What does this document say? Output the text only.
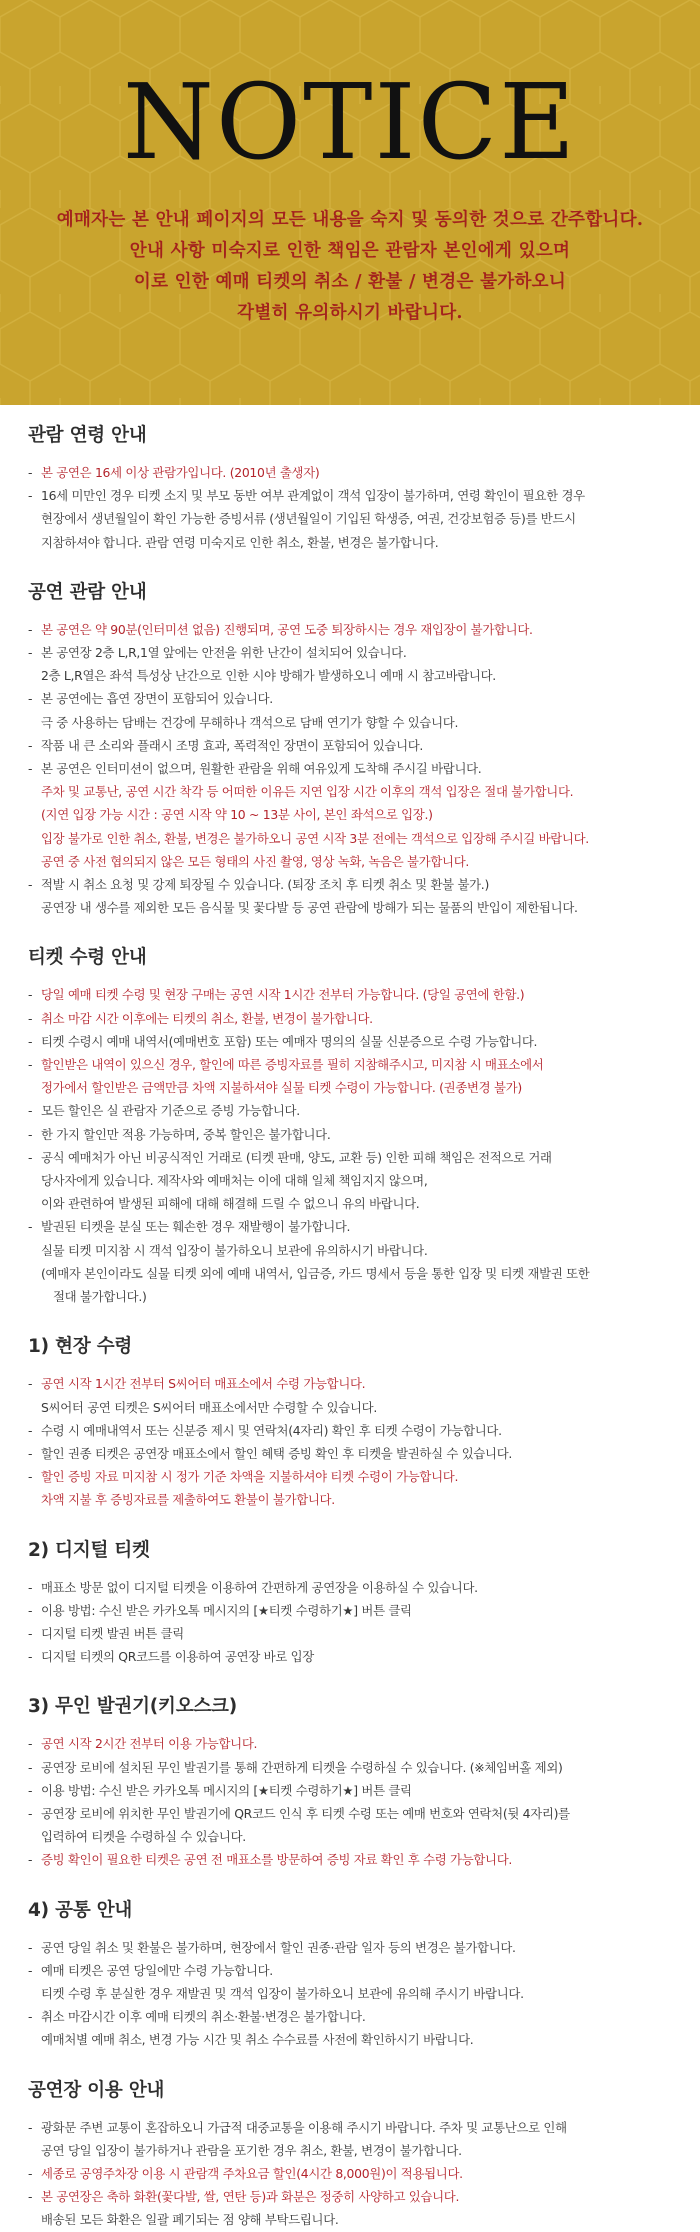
NOTICE

예매자는 본 안내 페이지의 모든 내용을 숙지 및 동의한 것으로 간주합니다.

안내 사항 미숙지로 인한 책임은 관람자 본인에게 있으며

이로 인한 예매 티켓의 취소 / 환불 / 변경은 불가하오니

각별히 유의하시기 바랍니다.

관람 연령 안내
- 본 공연은 16세 이상 관람가입니다. (2010년 출생자)
- 16세 미만인 경우 티켓 소지 및 부모 동반 여부 관계없이 객석 입장이 불가하며, 연령 확인이 필요한 경우
현장에서 생년월일이 확인 가능한 증빙서류 (생년월일이 기입된 학생증, 여권, 건강보험증 등)를 반드시
지참하셔야 합니다. 관람 연령 미숙지로 인한 취소, 환불, 변경은 불가합니다.
공연 관람 안내
- 본 공연은 약 90분(인터미션 없음) 진행되며, 공연 도중 퇴장하시는 경우 재입장이 불가합니다.
- 본 공연장 2층 L,R,1열 앞에는 안전을 위한 난간이 설치되어 있습니다.
2층 L,R열은 좌석 특성상 난간으로 인한 시야 방해가 발생하오니 예매 시 참고바랍니다.
- 본 공연에는 흡연 장면이 포함되어 있습니다.
극 중 사용하는 담배는 건강에 무해하나 객석으로 담배 연기가 향할 수 있습니다.
- 작품 내 큰 소리와 플래시 조명 효과, 폭력적인 장면이 포함되어 있습니다.
- 본 공연은 인터미션이 없으며, 원활한 관람을 위해 여유있게 도착해 주시길 바랍니다.
주차 및 교통난, 공연 시간 착각 등 어떠한 이유든 지연 입장 시간 이후의 객석 입장은 절대 불가합니다.
(지연 입장 가능 시간 : 공연 시작 약 10 ~ 13분 사이, 본인 좌석으로 입장.)
입장 불가로 인한 취소, 환불, 변경은 불가하오니 공연 시작 3분 전에는 객석으로 입장해 주시길 바랍니다.
공연 중 사전 협의되지 않은 모든 형태의 사진 촬영, 영상 녹화, 녹음은 불가합니다.
- 적발 시 취소 요청 및 강제 퇴장될 수 있습니다. (퇴장 조치 후 티켓 취소 및 환불 불가.)
공연장 내 생수를 제외한 모든 음식물 및 꽃다발 등 공연 관람에 방해가 되는 물품의 반입이 제한됩니다.
티켓 수령 안내
- 당일 예매 티켓 수령 및 현장 구매는 공연 시작 1시간 전부터 가능합니다. (당일 공연에 한함.)
- 취소 마감 시간 이후에는 티켓의 취소, 환불, 변경이 불가합니다.
- 티켓 수령시 예매 내역서(예매번호 포함) 또는 예매자 명의의 실물 신분증으로 수령 가능합니다.
- 할인받은 내역이 있으신 경우, 할인에 따른 증빙자료를 필히 지참해주시고, 미지참 시 매표소에서
정가에서 할인받은 금액만큼 차액 지불하셔야 실물 티켓 수령이 가능합니다. (권종변경 불가)
- 모든 할인은 실 관람자 기준으로 증빙 가능합니다.
- 한 가지 할인만 적용 가능하며, 중복 할인은 불가합니다.
- 공식 예매처가 아닌 비공식적인 거래로 (티켓 판매, 양도, 교환 등) 인한 피해 책임은 전적으로 거래
당사자에게 있습니다. 제작사와 예매처는 이에 대해 일체 책임지지 않으며,
이와 관련하여 발생된 피해에 대해 해결해 드릴 수 없으니 유의 바랍니다.
- 발권된 티켓을 분실 또는 훼손한 경우 재발행이 불가합니다.
실물 티켓 미지참 시 객석 입장이 불가하오니 보관에 유의하시기 바랍니다.
(예매자 본인이라도 실물 티켓 외에 예매 내역서, 입금증, 카드 명세서 등을 통한 입장 및 티켓 재발권 또한
절대 불가합니다.)
1) 현장 수령
- 공연 시작 1시간 전부터 S씨어터 매표소에서 수령 가능합니다.
S씨어터 공연 티켓은 S씨어터 매표소에서만 수령할 수 있습니다.
- 수령 시 예매내역서 또는 신분증 제시 및 연락처(4자리) 확인 후 티켓 수령이 가능합니다.
- 할인 권종 티켓은 공연장 매표소에서 할인 혜택 증빙 확인 후 티켓을 발권하실 수 있습니다.
- 할인 증빙 자료 미지참 시 정가 기준 차액을 지불하셔야 티켓 수령이 가능합니다.
차액 지불 후 증빙자료를 제출하여도 환불이 불가합니다.
2) 디지털 티켓
- 매표소 방문 없이 디지털 티켓을 이용하여 간편하게 공연장을 이용하실 수 있습니다.
- 이용 방법: 수신 받은 카카오톡 메시지의 [★티켓 수령하기★] 버튼 클릭
- 디지털 티켓 발권 버튼 클릭
- 디지털 티켓의 QR코드를 이용하여 공연장 바로 입장
3) 무인 발권기(키오스크)
- 공연 시작 2시간 전부터 이용 가능합니다.
- 공연장 로비에 설치된 무인 발권기를 통해 간편하게 티켓을 수령하실 수 있습니다. (※체임버홀 제외)
- 이용 방법: 수신 받은 카카오톡 메시지의 [★티켓 수령하기★] 버튼 클릭
- 공연장 로비에 위치한 무인 발권기에 QR코드 인식 후 티켓 수령 또는 예매 번호와 연락처(뒷 4자리)를
입력하여 티켓을 수령하실 수 있습니다.
- 증빙 확인이 필요한 티켓은 공연 전 매표소를 방문하여 증빙 자료 확인 후 수령 가능합니다.
4) 공통 안내
- 공연 당일 취소 및 환불은 불가하며, 현장에서 할인 권종·관람 일자 등의 변경은 불가합니다.
- 예매 티켓은 공연 당일에만 수령 가능합니다.
티켓 수령 후 분실한 경우 재발권 및 객석 입장이 불가하오니 보관에 유의해 주시기 바랍니다.
- 취소 마감시간 이후 예매 티켓의 취소·환불·변경은 불가합니다.
예매처별 예매 취소, 변경 가능 시간 및 취소 수수료를 사전에 확인하시기 바랍니다.
공연장 이용 안내
- 광화문 주변 교통이 혼잡하오니 가급적 대중교통을 이용해 주시기 바랍니다. 주차 및 교통난으로 인해
공연 당일 입장이 불가하거나 관람을 포기한 경우 취소, 환불, 변경이 불가합니다.
- 세종로 공영주차장 이용 시 관람객 주차요금 할인(4시간 8,000원)이 적용됩니다.
- 본 공연장은 축하 화환(꽃다발, 쌀, 연탄 등)과 화분은 정중히 사양하고 있습니다.
배송된 모든 화환은 일괄 폐기되는 점 양해 부탁드립니다.
